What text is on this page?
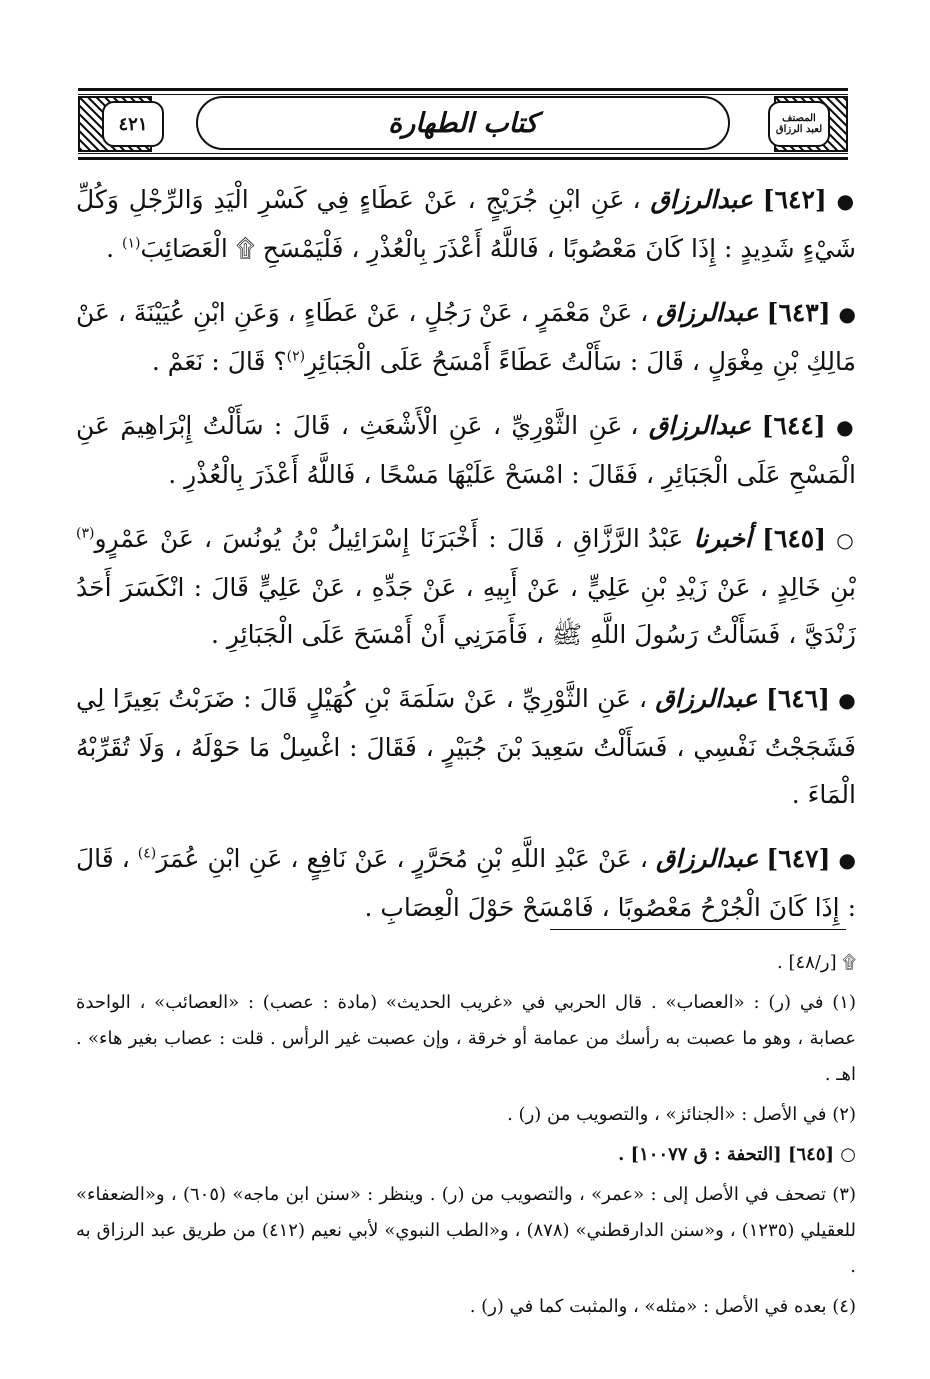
٤٢١	المصنف
لعبد الرزاق
كتاب الطهارة

● [٦٤٢] عبدالرزاق ، عَنِ ابْنِ جُرَيْجٍ ، عَنْ عَطَاءٍ فِي كَسْرِ الْيَدِ وَالرِّجْلِ وَكُلِّ شَيْءٍ شَدِيدٍ : إِذَا كَانَ مَعْصُوبًا ، فَاللَّهُ أَعْذَرَ بِالْعُذْرِ ، فَلْيَمْسَحِ ۩ الْعَصَائِبَ$^{(١)}$ .

● [٦٤٣] عبدالرزاق ، عَنْ مَعْمَرٍ ، عَنْ رَجُلٍ ، عَنْ عَطَاءٍ ، وَعَنِ ابْنِ عُيَيْنَةَ ، عَنْ مَالِكِ بْنِ مِغْوَلٍ ، قَالَ : سَأَلْتُ عَطَاءً أَمْسَحُ عَلَى الْجَبَائِرِ$^{(٢)}$؟ قَالَ : نَعَمْ .

● [٦٤٤] عبدالرزاق ، عَنِ الثَّوْرِيِّ ، عَنِ الْأَشْعَثِ ، قَالَ : سَأَلْتُ إِبْرَاهِيمَ عَنِ الْمَسْحِ عَلَى الْجَبَائِرِ ، فَقَالَ : امْسَحْ عَلَيْهَا مَسْحًا ، فَاللَّهُ أَعْذَرَ بِالْعُذْرِ .

○ [٦٤٥] أخبرنا عَبْدُ الرَّزَّاقِ ، قَالَ : أَخْبَرَنَا إِسْرَائِيلُ بْنُ يُونُسَ ، عَنْ عَمْرٍو$^{(٣)}$ بْنِ خَالِدٍ ، عَنْ زَيْدِ بْنِ عَلِيٍّ ، عَنْ أَبِيهِ ، عَنْ جَدِّهِ ، عَنْ عَلِيٍّ قَالَ : انْكَسَرَ أَحَدُ زَنْدَيَّ ، فَسَأَلْتُ رَسُولَ اللَّهِ ﷺ ، فَأَمَرَنِي أَنْ أَمْسَحَ عَلَى الْجَبَائِرِ .

● [٦٤٦] عبدالرزاق ، عَنِ الثَّوْرِيِّ ، عَنْ سَلَمَةَ بْنِ كُهَيْلٍ قَالَ : ضَرَبْتُ بَعِيرًا لِي فَشَجَجْتُ نَفْسِي ، فَسَأَلْتُ سَعِيدَ بْنَ جُبَيْرٍ ، فَقَالَ : اغْسِلْ مَا حَوْلَهُ ، وَلَا تُقَرِّبْهُ الْمَاءَ .

● [٦٤٧] عبدالرزاق ، عَنْ عَبْدِ اللَّهِ بْنِ مُحَرَّرٍ ، عَنْ نَافِعٍ ، عَنِ ابْنِ عُمَرَ$^{(٤)}$ ، قَالَ : إِذَا كَانَ الْجُرْحُ مَعْصُوبًا ، فَامْسَحْ حَوْلَ الْعِصَابِ .

۩ [ر/٤٨] .

(١) في (ر) : «العصاب» . قال الحربي في «غريب الحديث» (مادة : عصب) : «العصائب» ، الواحدة عصابة ، وهو ما عصبت به رأسك من عمامة أو خرقة ، وإن عصبت غير الرأس . قلت : عصاب بغير هاء» . اهـ .

(٢) في الأصل : «الجنائز» ، والتصويب من (ر) .

○ [٦٤٥] [التحفة : ق ١٠٠٧٧] .

(٣) تصحف في الأصل إلى : «عمر» ، والتصويب من (ر) . وينظر : «سنن ابن ماجه» (٦٠٥) ، و«الضعفاء» للعقيلي (١٢٣٥) ، و«سنن الدارقطني» (٨٧٨) ، و«الطب النبوي» لأبي نعيم (٤١٢) من طريق عبد الرزاق به .

(٤) بعده في الأصل : «مثله» ، والمثبت كما في (ر) .
